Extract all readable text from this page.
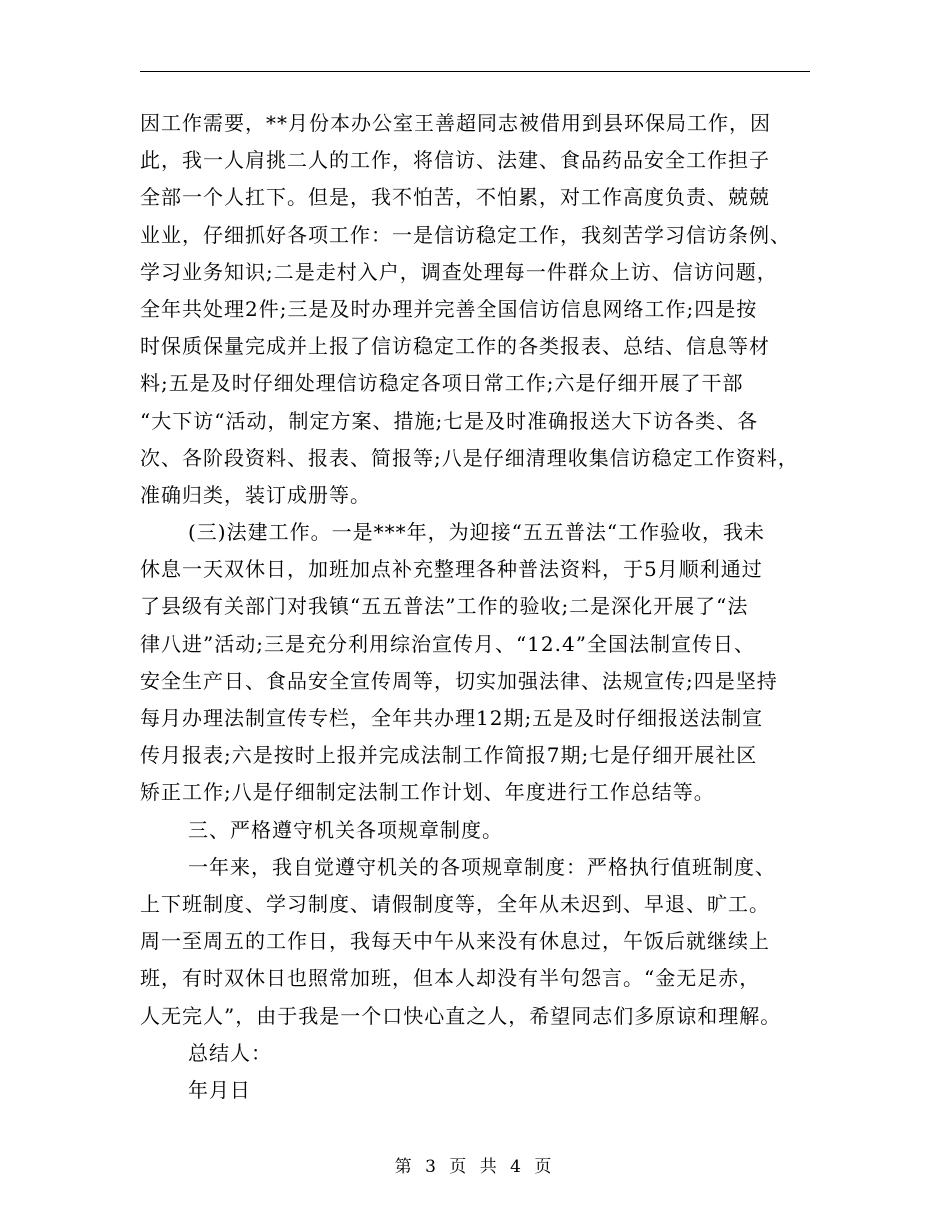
因工作需要，**月份本办公室王善超同志被借用到县环保局工作，因
此，我一人肩挑二人的工作，将信访、法建、食品药品安全工作担子
全部一个人扛下。但是，我不怕苦，不怕累，对工作高度负责、兢兢
业业，仔细抓好各项工作：一是信访稳定工作，我刻苦学习信访条例、
学习业务知识;二是走村入户，调查处理每一件群众上访、信访问题，
全年共处理2件;三是及时办理并完善全国信访信息网络工作;四是按
时保质保量完成并上报了信访稳定工作的各类报表、总结、信息等材
料;五是及时仔细处理信访稳定各项日常工作;六是仔细开展了干部
“大下访“活动，制定方案、措施;七是及时准确报送大下访各类、各
次、各阶段资料、报表、简报等;八是仔细清理收集信访稳定工作资料，
准确归类，装订成册等。
(三)法建工作。一是***年，为迎接“五五普法“工作验收，我未
休息一天双休日，加班加点补充整理各种普法资料，于5月顺利通过
了县级有关部门对我镇“五五普法”工作的验收;二是深化开展了“法
律八进”活动;三是充分利用综治宣传月、“12.4”全国法制宣传日、
安全生产日、食品安全宣传周等，切实加强法律、法规宣传;四是坚持
每月办理法制宣传专栏，全年共办理12期;五是及时仔细报送法制宣
传月报表;六是按时上报并完成法制工作简报7期;七是仔细开展社区
矫正工作;八是仔细制定法制工作计划、年度进行工作总结等。
三、严格遵守机关各项规章制度。
一年来，我自觉遵守机关的各项规章制度：严格执行值班制度、
上下班制度、学习制度、请假制度等，全年从未迟到、早退、旷工。
周一至周五的工作日，我每天中午从来没有休息过，午饭后就继续上
班，有时双休日也照常加班，但本人却没有半句怨言。“金无足赤，
人无完人”，由于我是一个口快心直之人，希望同志们多原谅和理解。
总结人：
年月日
第 3 页 共 4 页
